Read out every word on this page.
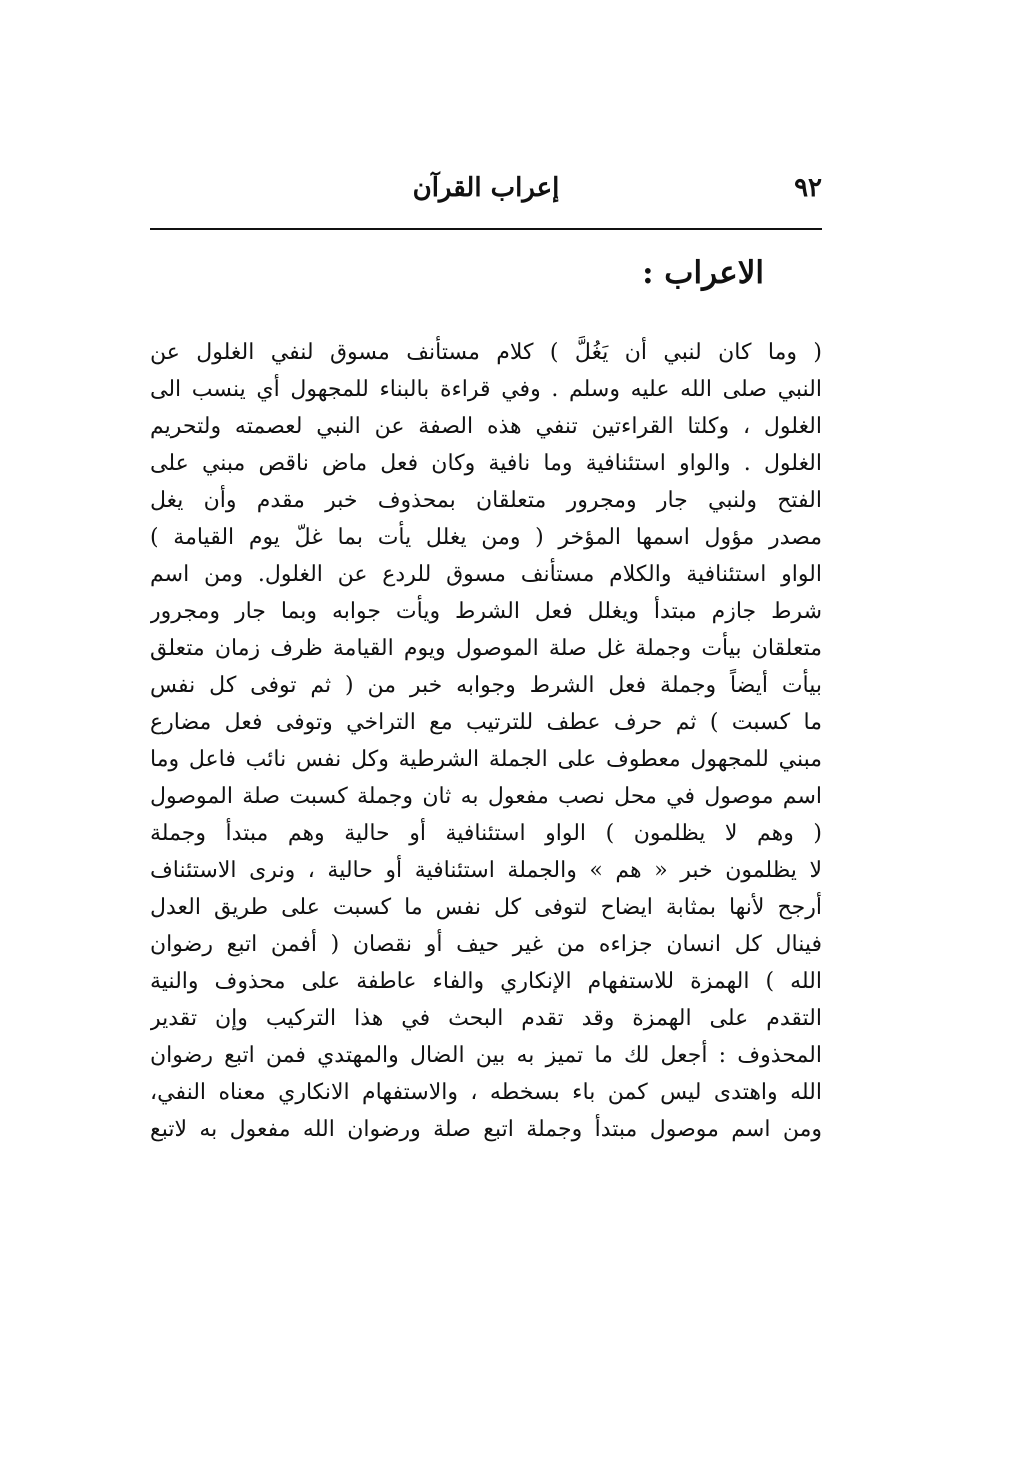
٩٢
إعراب القرآن
الاعراب :
( وما كان لنبي أن يَغُلَّ ) كلام مستأنف مسوق لنفي الغلول عن
النبي صلى الله عليه وسلم . وفي قراءة بالبناء للمجهول أي ينسب الى
الغلول ، وكلتا القراءتين تنفي هذه الصفة عن النبي لعصمته ولتحريم
الغلول . والواو استئنافية وما نافية وكان فعل ماض ناقص مبني على
الفتح ولنبي جار ومجرور متعلقان بمحذوف خبر مقدم وأن يغل
مصدر مؤول اسمها المؤخر ( ومن يغلل يأت بما غلّ يوم القيامة )
الواو استئنافية والكلام مستأنف مسوق للردع عن الغلول. ومن اسم
شرط جازم مبتدأ ويغلل فعل الشرط ويأت جوابه وبما جار ومجرور
متعلقان بيأت وجملة غل صلة الموصول ويوم القيامة ظرف زمان متعلق
بيأت أيضاً وجملة فعل الشرط وجوابه خبر من ( ثم توفى كل نفس
ما كسبت ) ثم حرف عطف للترتيب مع التراخي وتوفى فعل مضارع
مبني للمجهول معطوف على الجملة الشرطية وكل نفس نائب فاعل وما
اسم موصول في محل نصب مفعول به ثان وجملة كسبت صلة الموصول
( وهم لا يظلمون ) الواو استئنافية أو حالية وهم مبتدأ وجملة
لا يظلمون خبر « هم » والجملة استئنافية أو حالية ، ونرى الاستئناف
أرجح لأنها بمثابة ايضاح لتوفى كل نفس ما كسبت على طريق العدل
فينال كل انسان جزاءه من غير حيف أو نقصان ( أفمن اتبع رضوان
الله ) الهمزة للاستفهام الإنكاري والفاء عاطفة على محذوف والنية
التقدم على الهمزة وقد تقدم البحث في هذا التركيب وإن تقدير
المحذوف : أجعل لك ما تميز به بين الضال والمهتدي فمن اتبع رضوان
الله واهتدى ليس كمن باء بسخطه ، والاستفهام الانكاري معناه النفي،
ومن اسم موصول مبتدأ وجملة اتبع صلة ورضوان الله مفعول به لاتبع
